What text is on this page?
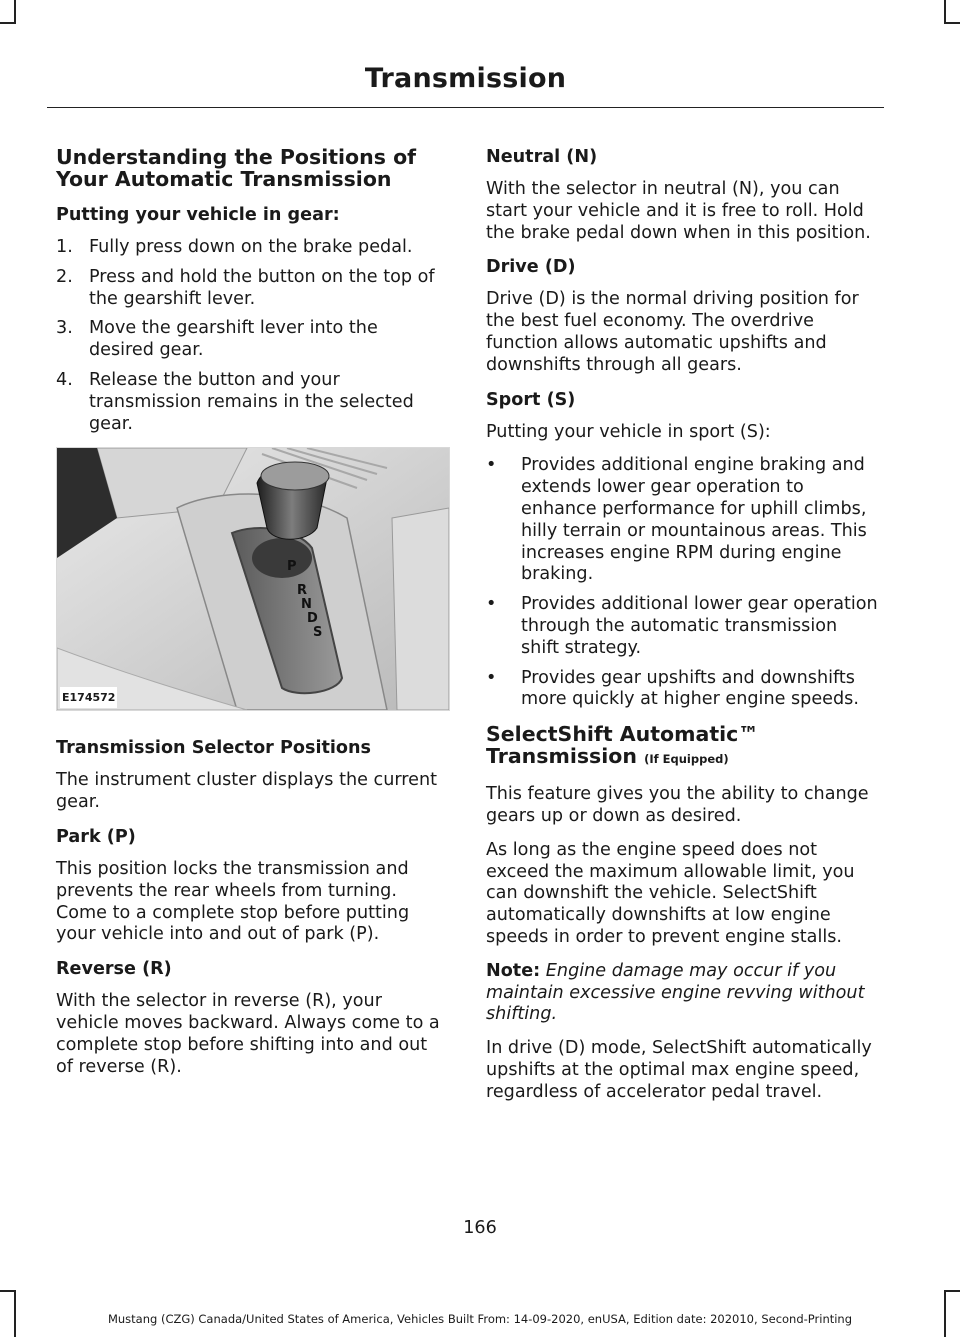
Transmission
Understanding the Positions of Your Automatic Transmission
Putting your vehicle in gear:
1. Fully press down on the brake pedal.
2. Press and hold the button on the top of the gearshift lever.
3. Move the gearshift lever into the desired gear.
4. Release the button and your transmission remains in the selected gear.
P
R
N
D
S
E174572
Transmission Selector Positions

The instrument cluster displays the current gear.

Park (P)

This position locks the transmission and prevents the rear wheels from turning. Come to a complete stop before putting your vehicle into and out of park (P).

Reverse (R)

With the selector in reverse (R), your vehicle moves backward. Always come to a complete stop before shifting into and out of reverse (R).

Neutral (N)

With the selector in neutral (N), you can start your vehicle and it is free to roll. Hold the brake pedal down when in this position.

Drive (D)

Drive (D) is the normal driving position for the best fuel economy. The overdrive function allows automatic upshifts and downshifts through all gears.

Sport (S)

Putting your vehicle in sport (S):

• Provides additional engine braking and extends lower gear operation to enhance performance for uphill climbs, hilly terrain or mountainous areas. This increases engine RPM during engine braking.
• Provides additional lower gear operation through the automatic transmission shift strategy.
• Provides gear upshifts and downshifts more quickly at higher engine speeds.
SelectShift Automatic™ Transmission (If Equipped)

This feature gives you the ability to change gears up or down as desired.

As long as the engine speed does not exceed the maximum allowable limit, you can downshift the vehicle. SelectShift automatically downshifts at low engine speeds in order to prevent engine stalls.

Note: Engine damage may occur if you maintain excessive engine revving without shifting.

In drive (D) mode, SelectShift automatically upshifts at the optimal max engine speed, regardless of accelerator pedal travel.

166
Mustang (CZG) Canada/United States of America, Vehicles Built From: 14-09-2020, enUSA, Edition date: 202010, Second-Printing
